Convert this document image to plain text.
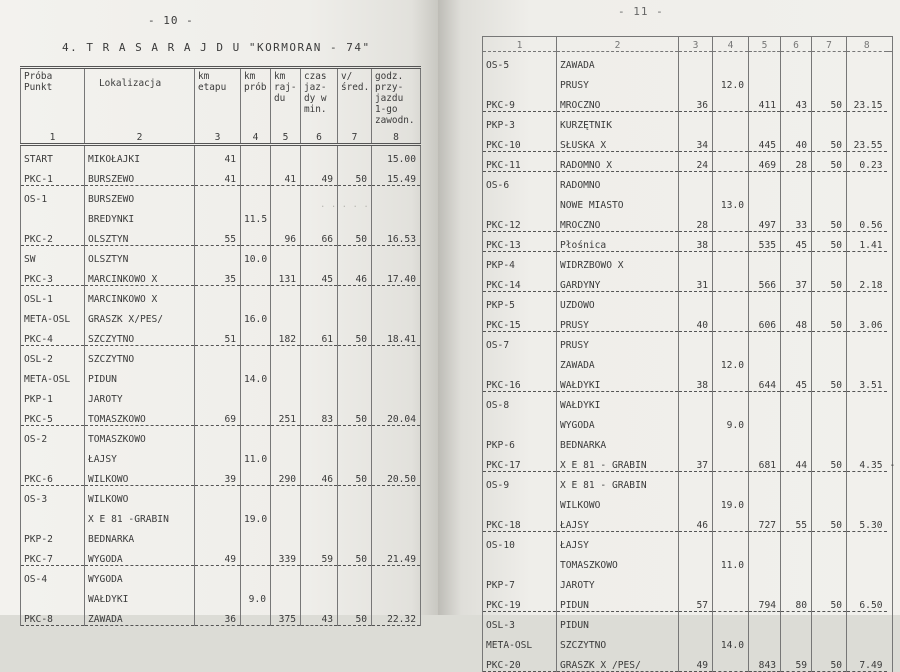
- 10 -
4. T R A S A R A J D U "KORMORAN - 74"
. . . . .
Próba Punkt	Lokalizacja	km etapu	km prób	km raj- du	czas jaz- dy w min.	v/ śred.	godz. przy- jazdu 1-go zawodn.
1	2	3	4	5	6	7	8
START	MIKOŁAJKI	41					15.00
PKC-1	BURSZEWO	41		41	49	50	15.49
OS-1	BURSZEWO						
	BREDYNKI		11.5				
PKC-2	OLSZTYN	55		96	66	50	16.53
SW	OLSZTYN		10.0				
PKC-3	MARCINKOWO X	35		131	45	46	17.40
OSL-1	MARCINKOWO X						
META-OSL	GRASZK X/PES/		16.0				
PKC-4	SZCZYTNO	51		182	61	50	18.41
OSL-2	SZCZYTNO						
META-OSL	PIDUN		14.0				
PKP-1	JAROTY						
PKC-5	TOMASZKOWO	69		251	83	50	20.04
OS-2	TOMASZKOWO						
	ŁAJSY		11.0				
PKC-6	WILKOWO	39		290	46	50	20.50
OS-3	WILKOWO						
	X E 81 -GRABIN		19.0				
PKP-2	BEDNARKA						
PKC-7	WYGODA	49		339	59	50	21.49
OS-4	WYGODA						
	WAŁDYKI		9.0				
PKC-8	ZAWADA	36		375	43	50	22.32
- 11 -
1	2	3	4	5	6	7	8	
OS-5	ZAWADA							
	PRUSY		12.0					
PKC-9	MROCZNO	36		411	43	50	23.15	
PKP-3	KURZĘTNIK							
PKC-10	SŁUSKA X	34		445	40	50	23.55	
PKC-11	RADOMNO X	24		469	28	50	0.23	
OS-6	RADOMNO							
	NOWE MIASTO		13.0					
PKC-12	MROCZNO	28		497	33	50	0.56	
PKC-13	Płośnica	38		535	45	50	1.41	
PKP-4	WIDRZBOWO X							
PKC-14	GARDYNY	31		566	37	50	2.18	
PKP-5	UZDOWO							
PKC-15	PRUSY	40		606	48	50	3.06	
OS-7	PRUSY							
	ZAWADA		12.0					
PKC-16	WAŁDYKI	38		644	45	50	3.51	
OS-8	WAŁDYKI							
	WYGODA		9.0					
PKP-6	BEDNARKA							
PKC-17	X E 81 - GRABIN	37		681	44	50	4.35	-
OS-9	X E 81 - GRABIN							
	WILKOWO		19.0					
PKC-18	ŁAJSY	46		727	55	50	5.30	
OS-10	ŁAJSY							
	TOMASZKOWO		11.0					
PKP-7	JAROTY							
PKC-19	PIDUN	57		794	80	50	6.50	
OSL-3	PIDUN							
META-OSL	SZCZYTNO		14.0					
PKC-20	GRASZK X /PES/	49		843	59	50	7.49	
